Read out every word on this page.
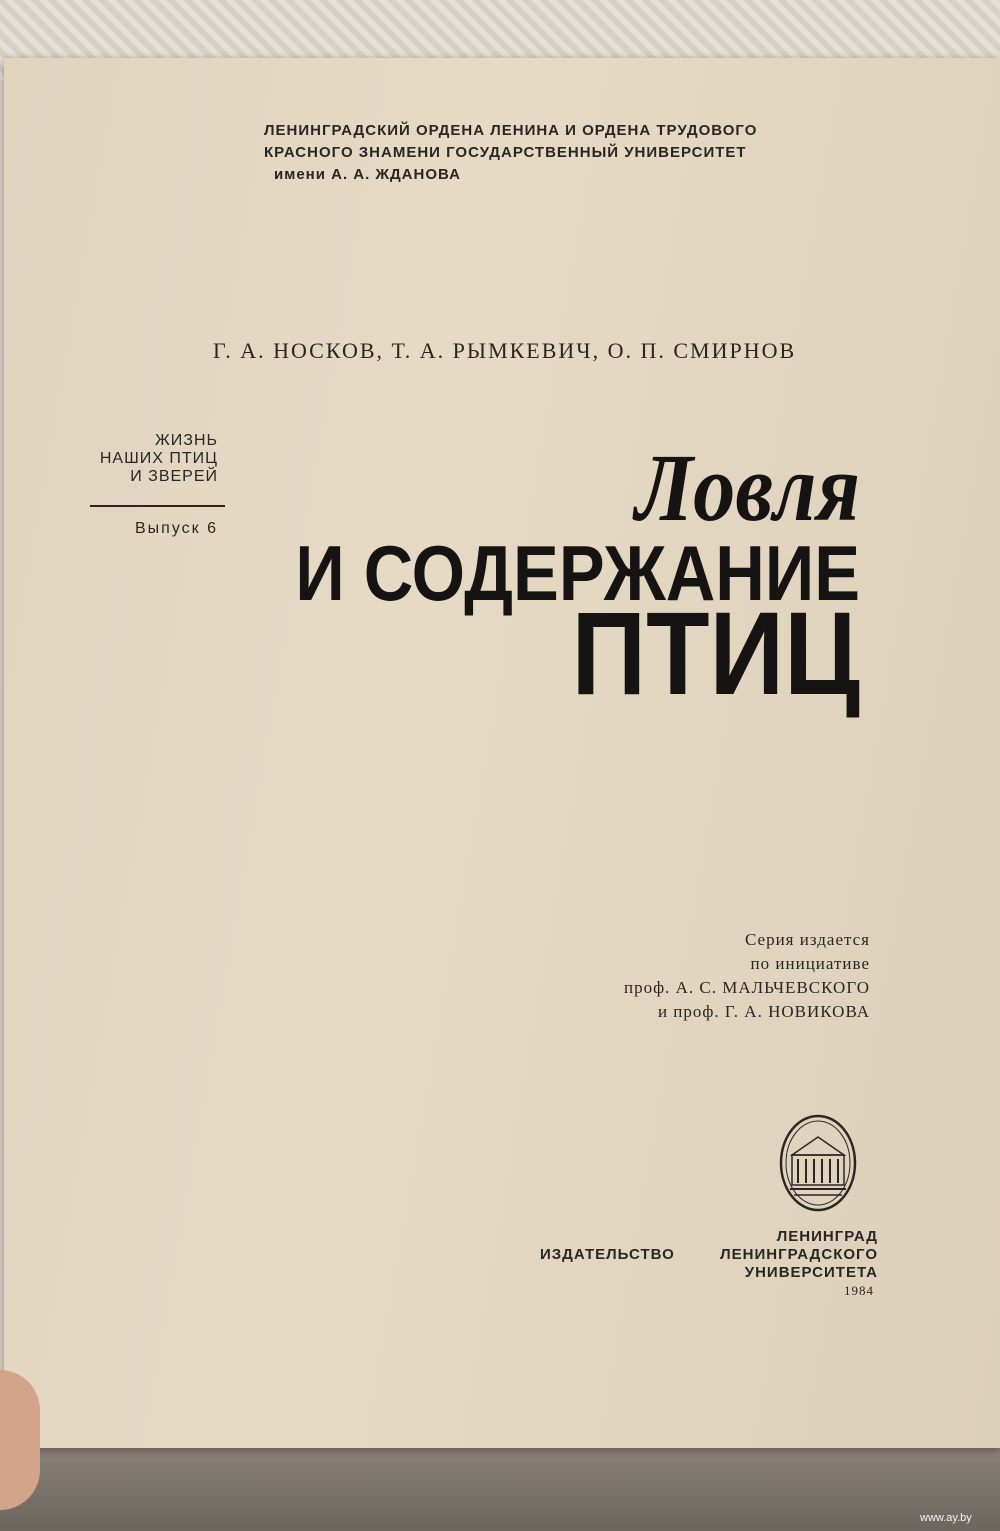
ЛЕНИНГРАДСКИЙ ОРДЕНА ЛЕНИНА И ОРДЕНА ТРУДОВОГО
КРАСНОГО ЗНАМЕНИ ГОСУДАРСТВЕННЫЙ УНИВЕРСИТЕТ
имени А. А. ЖДАНОВА
Г. А. НОСКОВ, Т. А. РЫМКЕВИЧ, О. П. СМИРНОВ
ЖИЗНЬ
НАШИХ ПТИЦ
И ЗВЕРЕЙ
Выпуск 6	Ловля
И СОДЕРЖАНИЕ
ПТИЦ
Серия издается
по инициативе
проф. А. С. МАЛЬЧЕВСКОГО
и проф. Г. А. НОВИКОВА
ЛЕНИНГРАД
ИЗДАТЕЛЬСТВО	ЛЕНИНГРАДСКОГО
УНИВЕРСИТЕТА
1984
www.ay.by
